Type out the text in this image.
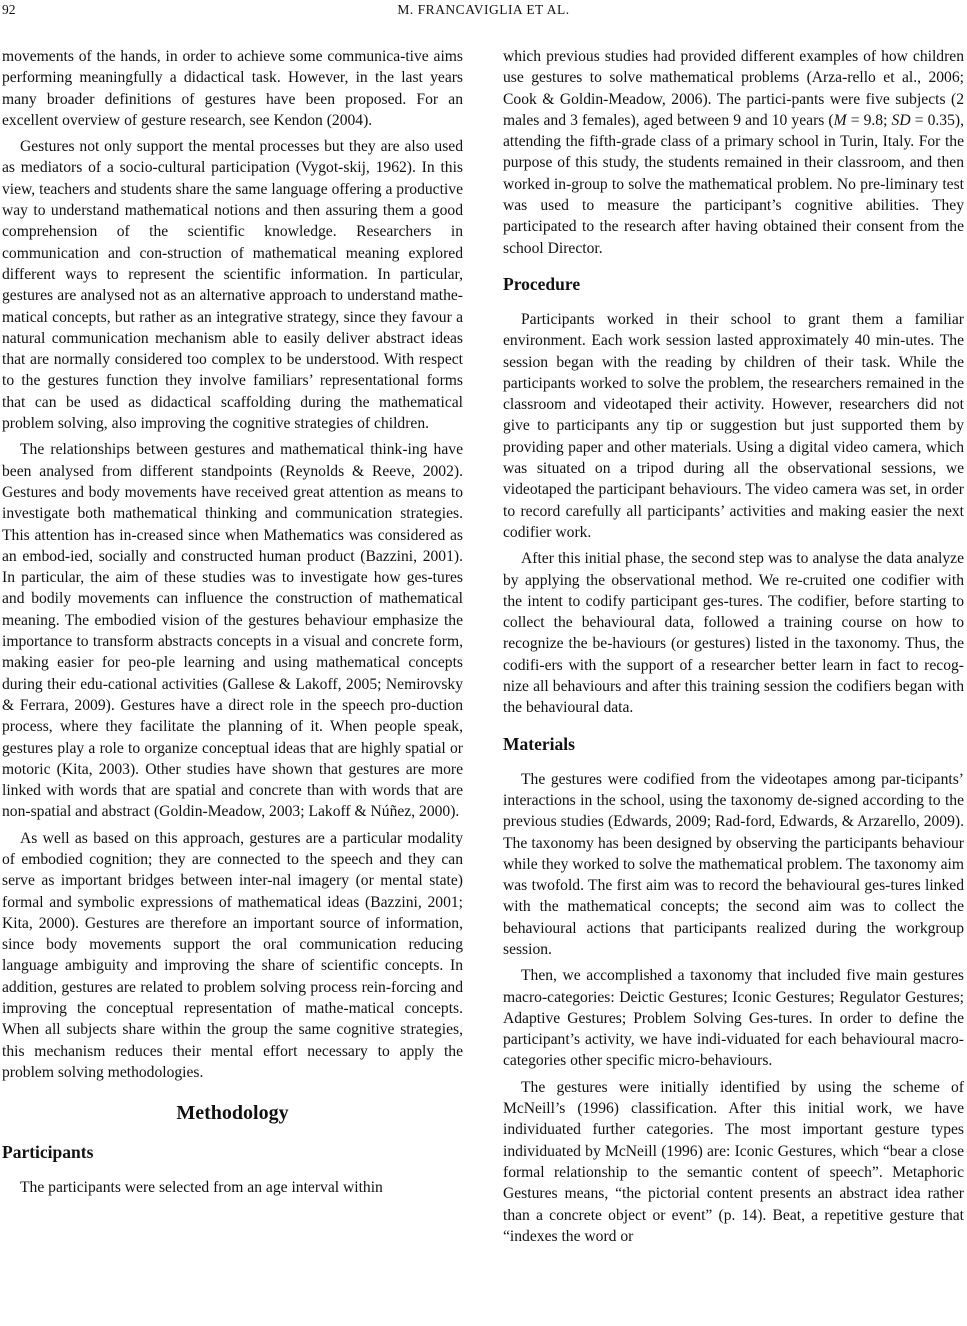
92	M. FRANCAVIGLIA ET AL.

movements of the hands, in order to achieve some communica-tive aims performing meaningfully a didactical task. However, in the last years many broader definitions of gestures have been proposed. For an excellent overview of gesture research, see Kendon (2004).

Gestures not only support the mental processes but they are also used as mediators of a socio-cultural participation (Vygot-skij, 1962). In this view, teachers and students share the same language offering a productive way to understand mathematical notions and then assuring them a good comprehension of the scientific knowledge. Researchers in communication and con-struction of mathematical meaning explored different ways to represent the scientific information. In particular, gestures are analysed not as an alternative approach to understand mathe-matical concepts, but rather as an integrative strategy, since they favour a natural communication mechanism able to easily deliver abstract ideas that are normally considered too complex to be understood. With respect to the gestures function they involve familiars’ representational forms that can be used as didactical scaffolding during the mathematical problem solving, also improving the cognitive strategies of children.

The relationships between gestures and mathematical think-ing have been analysed from different standpoints (Reynolds & Reeve, 2002). Gestures and body movements have received great attention as means to investigate both mathematical thinking and communication strategies. This attention has in-creased since when Mathematics was considered as an embod-ied, socially and constructed human product (Bazzini, 2001). In particular, the aim of these studies was to investigate how ges-tures and bodily movements can influence the construction of mathematical meaning. The embodied vision of the gestures behaviour emphasize the importance to transform abstracts concepts in a visual and concrete form, making easier for peo-ple learning and using mathematical concepts during their edu-cational activities (Gallese & Lakoff, 2005; Nemirovsky & Ferrara, 2009). Gestures have a direct role in the speech pro-duction process, where they facilitate the planning of it. When people speak, gestures play a role to organize conceptual ideas that are highly spatial or motoric (Kita, 2003). Other studies have shown that gestures are more linked with words that are spatial and concrete than with words that are non-spatial and abstract (Goldin-Meadow, 2003; Lakoff & Núñez, 2000).

As well as based on this approach, gestures are a particular modality of embodied cognition; they are connected to the speech and they can serve as important bridges between inter-nal imagery (or mental state) formal and symbolic expressions of mathematical ideas (Bazzini, 2001; Kita, 2000). Gestures are therefore an important source of information, since body movements support the oral communication reducing language ambiguity and improving the share of scientific concepts. In addition, gestures are related to problem solving process rein-forcing and improving the conceptual representation of mathe-matical concepts. When all subjects share within the group the same cognitive strategies, this mechanism reduces their mental effort necessary to apply the problem solving methodologies.

Methodology
Participants

The participants were selected from an age interval within

which previous studies had provided different examples of how children use gestures to solve mathematical problems (Arza-rello et al., 2006; Cook & Goldin-Meadow, 2006). The partici-pants were five subjects (2 males and 3 females), aged between 9 and 10 years (M = 9.8; SD = 0.35), attending the fifth-grade class of a primary school in Turin, Italy. For the purpose of this study, the students remained in their classroom, and then worked in-group to solve the mathematical problem. No pre-liminary test was used to measure the participant’s cognitive abilities. They participated to the research after having obtained their consent from the school Director.

Procedure

Participants worked in their school to grant them a familiar environment. Each work session lasted approximately 40 min-utes. The session began with the reading by children of their task. While the participants worked to solve the problem, the researchers remained in the classroom and videotaped their activity. However, researchers did not give to participants any tip or suggestion but just supported them by providing paper and other materials. Using a digital video camera, which was situated on a tripod during all the observational sessions, we videotaped the participant behaviours. The video camera was set, in order to record carefully all participants’ activities and making easier the next codifier work.

After this initial phase, the second step was to analyse the data analyze by applying the observational method. We re-cruited one codifier with the intent to codify participant ges-tures. The codifier, before starting to collect the behavioural data, followed a training course on how to recognize the be-haviours (or gestures) listed in the taxonomy. Thus, the codifi-ers with the support of a researcher better learn in fact to recog-nize all behaviours and after this training session the codifiers began with the behavioural data.

Materials

The gestures were codified from the videotapes among par-ticipants’ interactions in the school, using the taxonomy de-signed according to the previous studies (Edwards, 2009; Rad-ford, Edwards, & Arzarello, 2009). The taxonomy has been designed by observing the participants behaviour while they worked to solve the mathematical problem. The taxonomy aim was twofold. The first aim was to record the behavioural ges-tures linked with the mathematical concepts; the second aim was to collect the behavioural actions that participants realized during the workgroup session.

Then, we accomplished a taxonomy that included five main gestures macro-categories: Deictic Gestures; Iconic Gestures; Regulator Gestures; Adaptive Gestures; Problem Solving Ges-tures. In order to define the participant’s activity, we have indi-viduated for each behavioural macro-categories other specific micro-behaviours.

The gestures were initially identified by using the scheme of McNeill’s (1996) classification. After this initial work, we have individuated further categories. The most important gesture types individuated by McNeill (1996) are: Iconic Gestures, which “bear a close formal relationship to the semantic content of speech”. Metaphoric Gestures means, “the pictorial content presents an abstract idea rather than a concrete object or event” (p. 14). Beat, a repetitive gesture that “indexes the word or
